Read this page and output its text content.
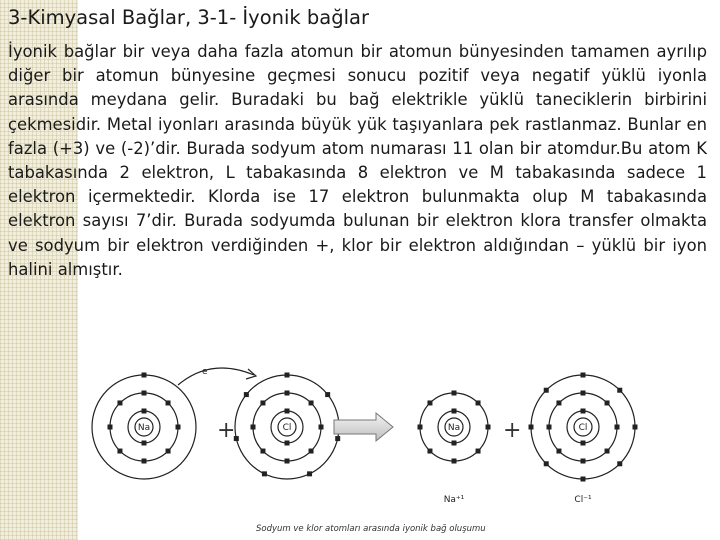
3-Kimyasal Bağlar, 3-1- İyonik bağlar

İyonik bağlar bir veya daha fazla atomun bir atomun bünyesinden tamamen ayrılıp diğer bir atomun bünyesine geçmesi sonucu pozitif veya negatif yüklü iyonla arasında meydana gelir. Buradaki bu bağ elektrikle yüklü taneciklerin birbirini çekmesidir. Metal iyonları arasında büyük yük taşıyanlara pek rastlanmaz. Bunlar en fazla (+3) ve (-2)’dir. Burada sodyum atom numarası 11 olan bir atomdur.Bu atom K tabakasında 2 elektron, L tabakasında 8 elektron ve M tabakasında sadece 1 elektron içermektedir. Klorda ise 17 elektron bulunmakta olup M tabakasında elektron sayısı 7’dir. Burada sodyumda bulunan bir elektron klora transfer olmakta ve sodyum bir elektron verdiğinden +, klor bir elektron aldığından – yüklü bir iyon halini almıştır.

+	+
e⁻
Na	Cl	Na	Cl
Na⁺¹	Cl⁻¹
Sodyum ve klor atomları arasında iyonik bağ oluşumu
